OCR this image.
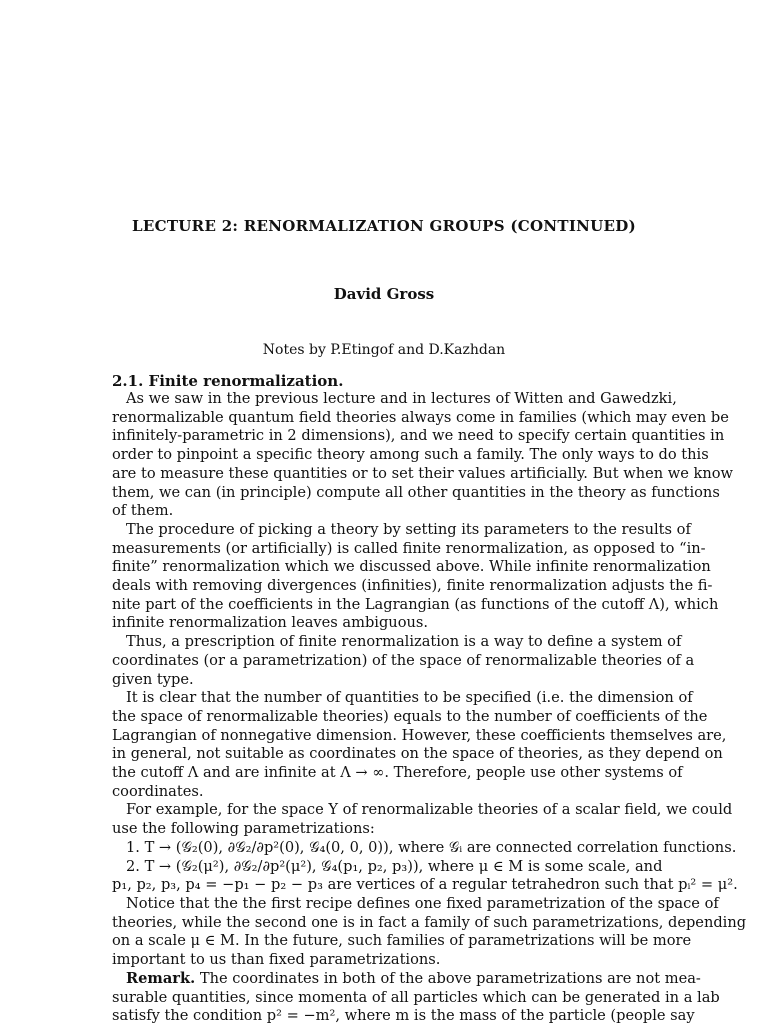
LECTURE 2: RENORMALIZATION GROUPS (CONTINUED)
David Gross
Notes by P.Etingof and D.Kazhdan
2.1. Finite renormalization.
As we saw in the previous lecture and in lectures of Witten and Gawedzki,
renormalizable quantum field theories always come in families (which may even be
infinitely-parametric in 2 dimensions), and we need to specify certain quantities in
order to pinpoint a specific theory among such a family. The only ways to do this
are to measure these quantities or to set their values artificially. But when we know
them, we can (in principle) compute all other quantities in the theory as functions
of them.
The procedure of picking a theory by setting its parameters to the results of
measurements (or artificially) is called finite renormalization, as opposed to “in-
finite” renormalization which we discussed above. While infinite renormalization
deals with removing divergences (infinities), finite renormalization adjusts the fi-
nite part of the coefficients in the Lagrangian (as functions of the cutoff Λ), which
infinite renormalization leaves ambiguous.
Thus, a prescription of finite renormalization is a way to define a system of
coordinates (or a parametrization) of the space of renormalizable theories of a
given type.
It is clear that the number of quantities to be specified (i.e. the dimension of
the space of renormalizable theories) equals to the number of coefficients of the
Lagrangian of nonnegative dimension. However, these coefficients themselves are,
in general, not suitable as coordinates on the space of theories, as they depend on
the cutoff Λ and are infinite at Λ → ∞. Therefore, people use other systems of
coordinates.
For example, for the space Y of renormalizable theories of a scalar field, we could
use the following parametrizations:
1. T → (𝒢₂(0), ∂𝒢₂/∂p²(0), 𝒢₄(0, 0, 0)), where 𝒢ᵢ are connected correlation functions.
2. T → (𝒢₂(μ²), ∂𝒢₂/∂p²(μ²), 𝒢₄(p₁, p₂, p₃)), where μ ∈ M is some scale, and
p₁, p₂, p₃, p₄ = −p₁ − p₂ − p₃ are vertices of a regular tetrahedron such that pᵢ² = μ².
Notice that the the first recipe defines one fixed parametrization of the space of
theories, while the second one is in fact a family of such parametrizations, depending
on a scale μ ∈ M. In the future, such families of parametrizations will be more
important to us than fixed parametrizations.
Remark. The coordinates in both of the above parametrizations are not mea-
surable quantities, since momenta of all particles which can be generated in a lab
satisfy the condition p² = −m², where m is the mass of the particle (people say
